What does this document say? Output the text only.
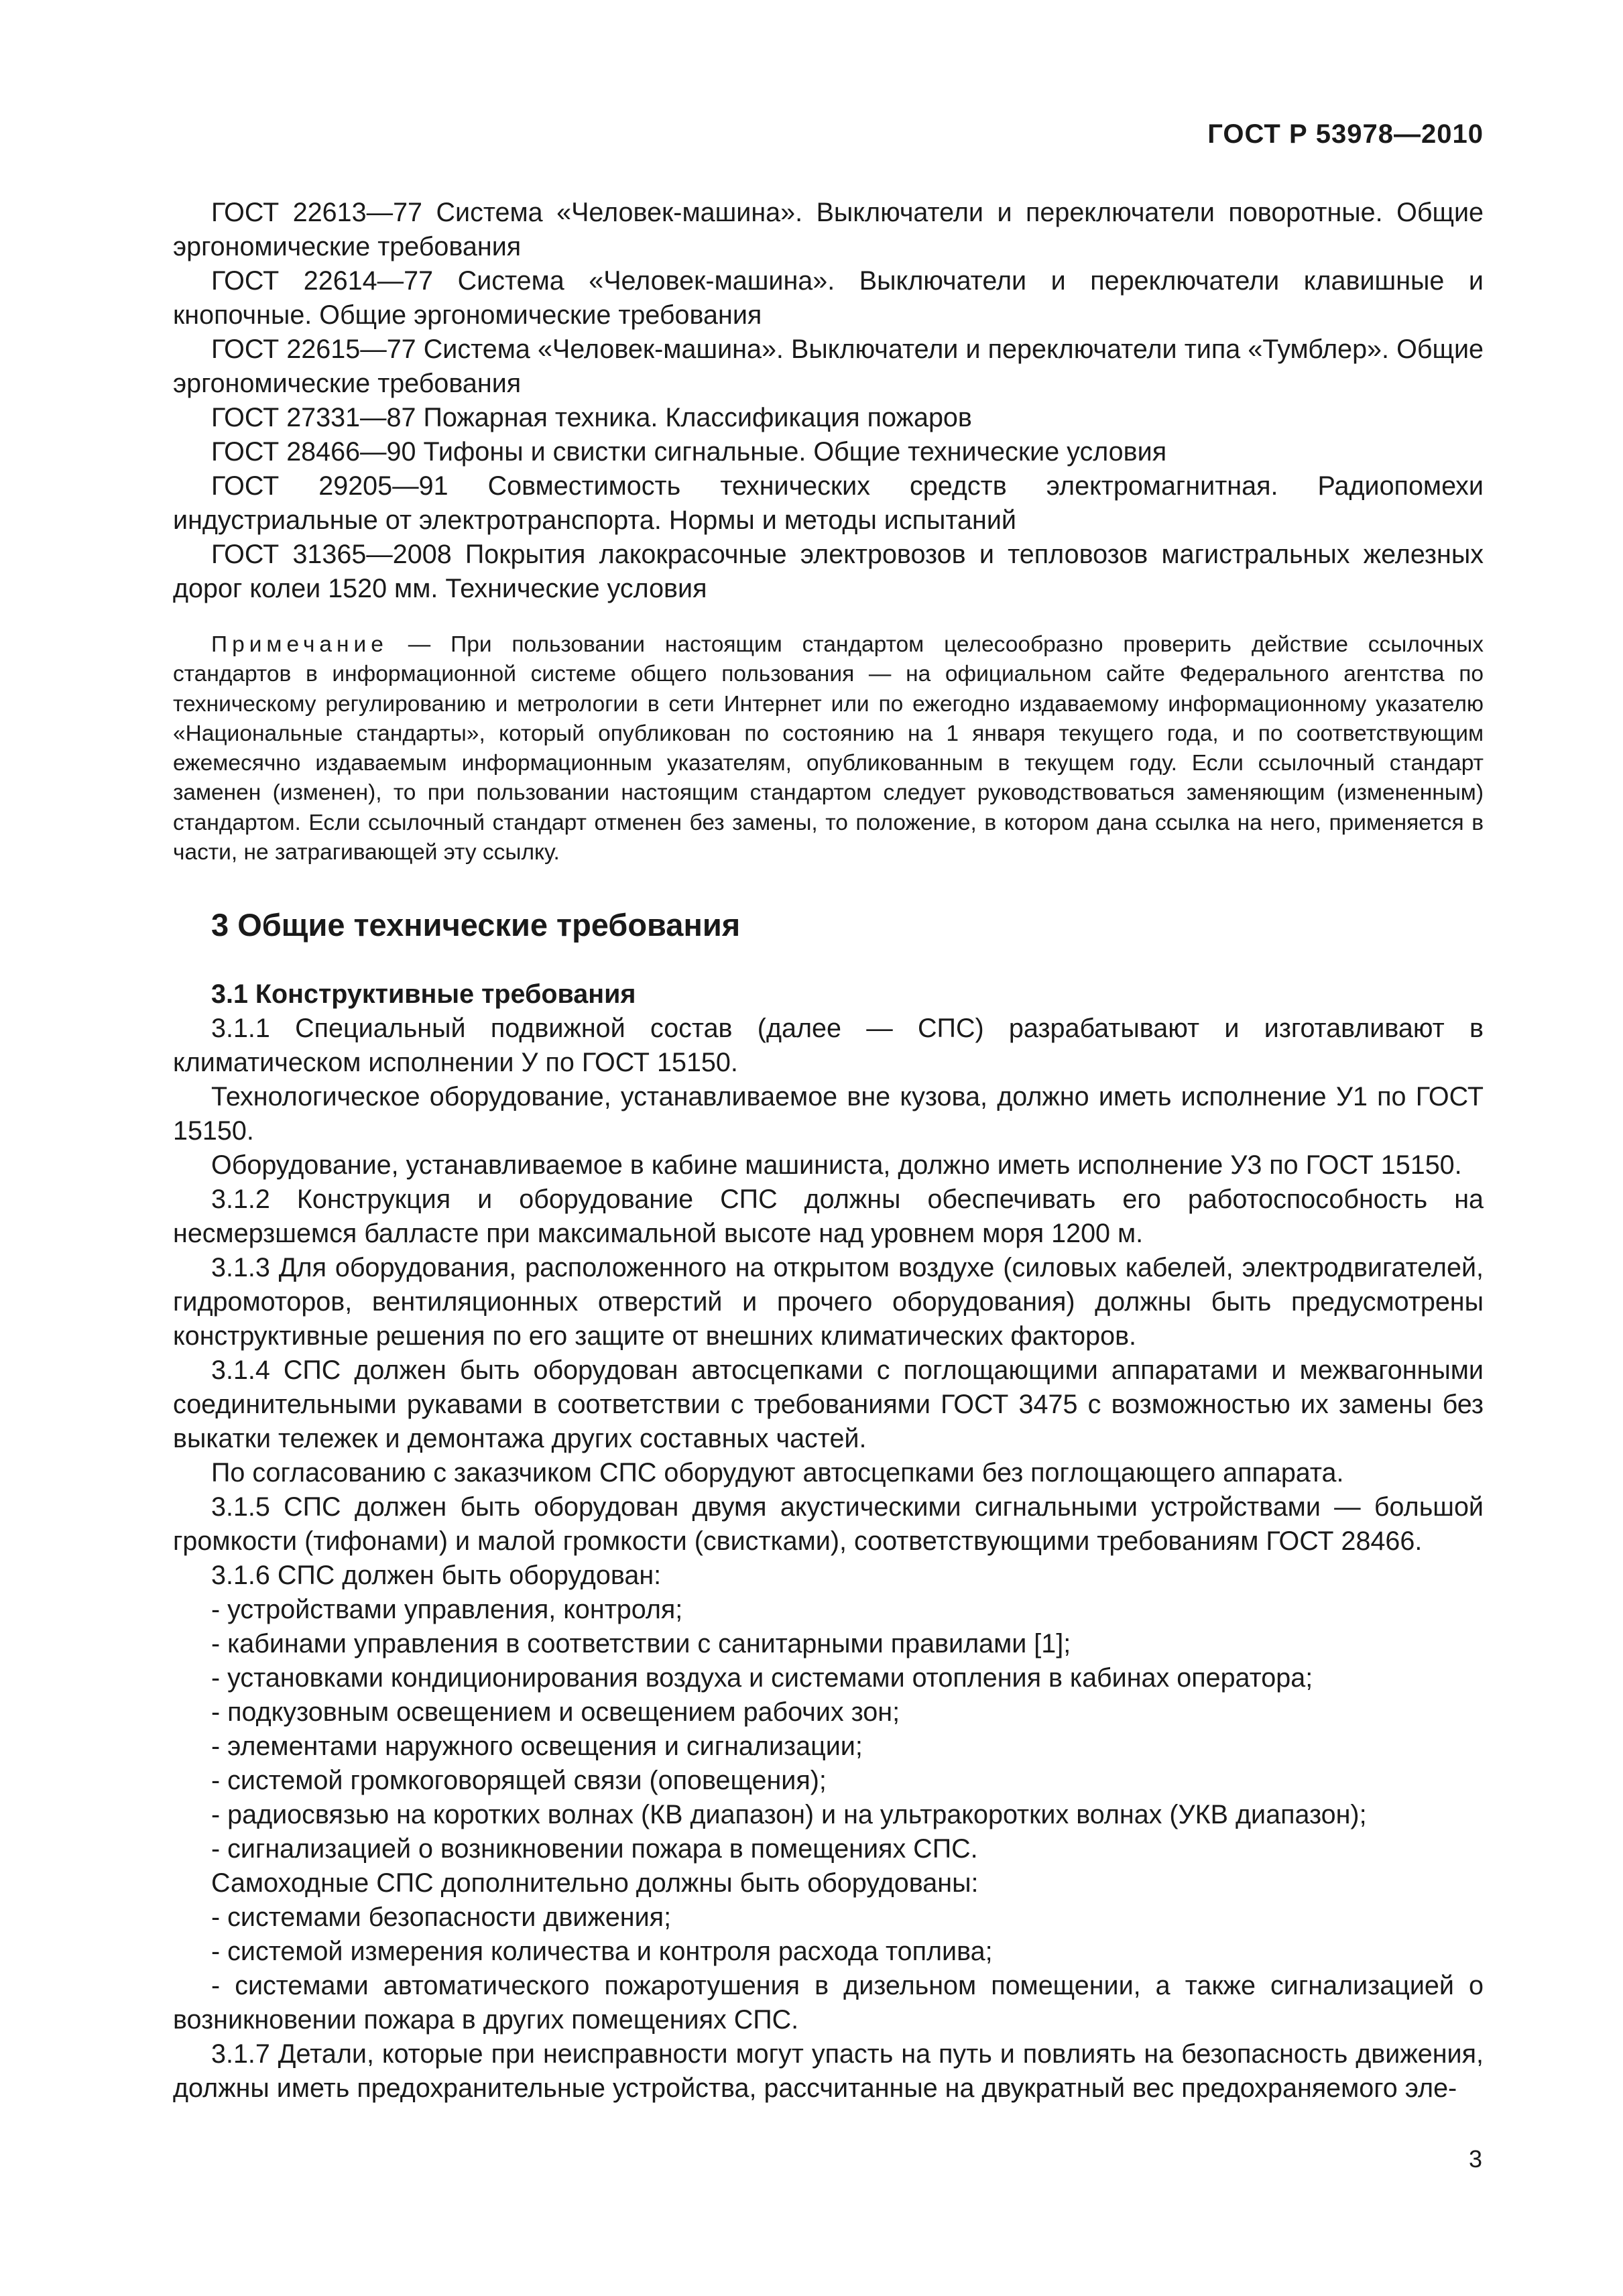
ГОСТ Р 53978—2010

ГОСТ 22613—77 Система «Человек-машина». Выключатели и переключатели поворотные. Общие эргономические требования

ГОСТ 22614—77 Система «Человек-машина». Выключатели и переключатели клавишные и кнопочные. Общие эргономические требования

ГОСТ 22615—77 Система «Человек-машина». Выключатели и переключатели типа «Тумблер». Общие эргономические требования

ГОСТ 27331—87 Пожарная техника. Классификация пожаров

ГОСТ 28466—90 Тифоны и свистки сигнальные. Общие технические условия

ГОСТ 29205—91 Совместимость технических средств электромагнитная. Радиопомехи индустриальные от электротранспорта. Нормы и методы испытаний

ГОСТ 31365—2008 Покрытия лакокрасочные электровозов и тепловозов магистральных железных дорог колеи 1520 мм. Технические условия

Примечание — При пользовании настоящим стандартом целесообразно проверить действие ссылочных стандартов в информационной системе общего пользования — на официальном сайте Федерального агентства по техническому регулированию и метрологии в сети Интернет или по ежегодно издаваемому информационному указателю «Национальные стандарты», который опубликован по состоянию на 1 января текущего года, и по соответствующим ежемесячно издаваемым информационным указателям, опубликованным в текущем году. Если ссылочный стандарт заменен (изменен), то при пользовании настоящим стандартом следует руководствоваться заменяющим (измененным) стандартом. Если ссылочный стандарт отменен без замены, то положение, в котором дана ссылка на него, применяется в части, не затрагивающей эту ссылку.

3 Общие технические требования
3.1 Конструктивные требования

3.1.1 Специальный подвижной состав (далее — СПС) разрабатывают и изготавливают в климатическом исполнении У по ГОСТ 15150.

Технологическое оборудование, устанавливаемое вне кузова, должно иметь исполнение У1 по ГОСТ 15150.

Оборудование, устанавливаемое в кабине машиниста, должно иметь исполнение У3 по ГОСТ 15150.

3.1.2 Конструкция и оборудование СПС должны обеспечивать его работоспособность на несмерзшемся балласте при максимальной высоте над уровнем моря 1200 м.

3.1.3 Для оборудования, расположенного на открытом воздухе (силовых кабелей, электродвигателей, гидромоторов, вентиляционных отверстий и прочего оборудования) должны быть предусмотрены конструктивные решения по его защите от внешних климатических факторов.

3.1.4 СПС должен быть оборудован автосцепками с поглощающими аппаратами и межвагонными соединительными рукавами в соответствии с требованиями ГОСТ 3475 с возможностью их замены без выкатки тележек и демонтажа других составных частей.

По согласованию с заказчиком СПС оборудуют автосцепками без поглощающего аппарата.

3.1.5 СПС должен быть оборудован двумя акустическими сигнальными устройствами — большой громкости (тифонами) и малой громкости (свистками), соответствующими требованиям ГОСТ 28466.

3.1.6 СПС должен быть оборудован:

- устройствами управления, контроля;

- кабинами управления в соответствии с санитарными правилами [1];

- установками кондиционирования воздуха и системами отопления в кабинах оператора;

- подкузовным освещением и освещением рабочих зон;

- элементами наружного освещения и сигнализации;

- системой громкоговорящей связи (оповещения);

- радиосвязью на коротких волнах (КВ диапазон) и на ультракоротких волнах (УКВ диапазон);

- сигнализацией о возникновении пожара в помещениях СПС.

Самоходные СПС дополнительно должны быть оборудованы:

- системами безопасности движения;

- системой измерения количества и контроля расхода топлива;

- системами автоматического пожаротушения в дизельном помещении, а также сигнализацией о возникновении пожара в других помещениях СПС.

3.1.7 Детали, которые при неисправности могут упасть на путь и повлиять на безопасность движения, должны иметь предохранительные устройства, рассчитанные на двукратный вес предохраняемого эле-

3
